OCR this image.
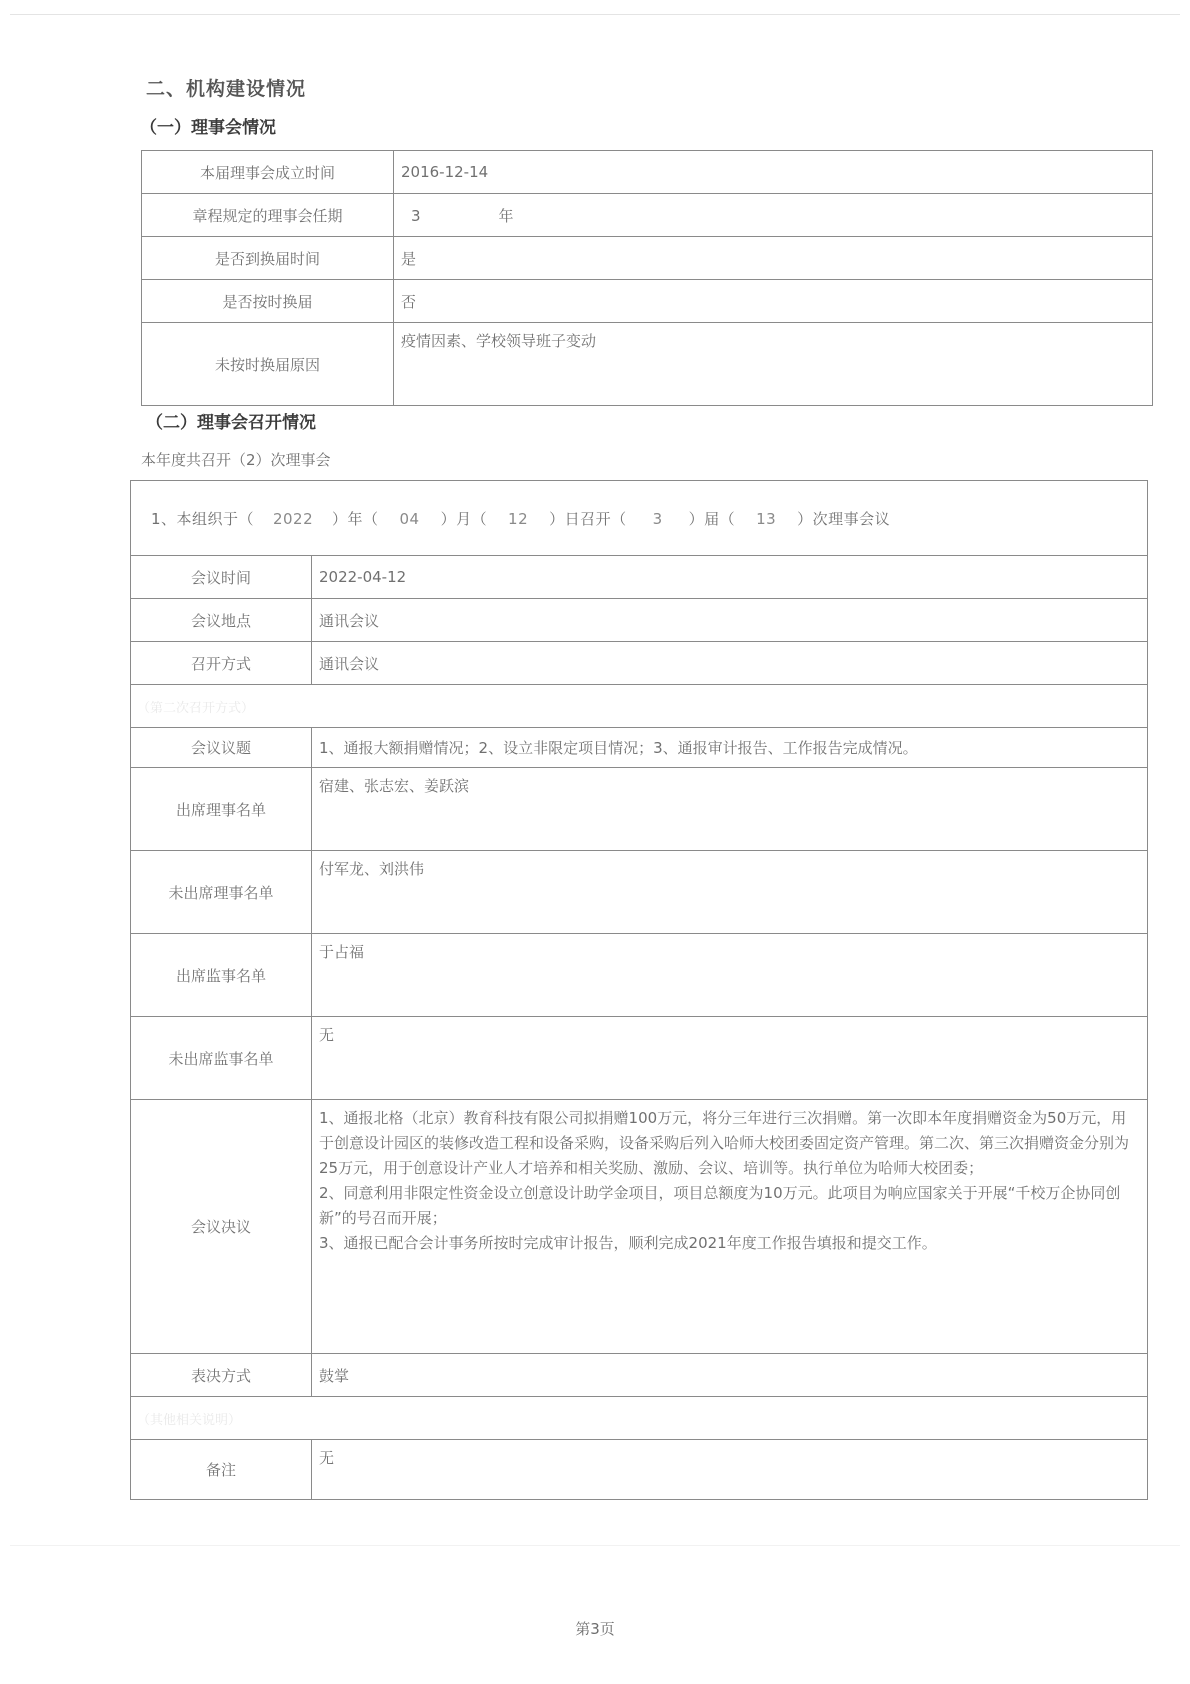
二、机构建设情况
（一）理事会情况
本届理事会成立时间	2016-12-14
章程规定的理事会任期	3 年
是否到换届时间	是
是否按时换届	否
未按时换届原因	疫情因素、学校领导班子变动
（二）理事会召开情况
本年度共召开（2）次理事会
1、本组织于（ 2022 ）年（ 04 ）月（ 12 ）日召开（ 3 ）届（ 13 ）次理事会议	
会议时间	2022-04-12
会议地点	通讯会议
召开方式	通讯会议
（第二次召开方式）	
会议议题	1、通报大额捐赠情况；2、设立非限定项目情况；3、通报审计报告、工作报告完成情况。
出席理事名单	宿建、张志宏、姜跃滨
未出席理事名单	付军龙、刘洪伟
出席监事名单	于占福
未出席监事名单	无
会议决议	1、通报北格（北京）教育科技有限公司拟捐赠100万元，将分三年进行三次捐赠。第一次即本年度捐赠资金为50万元，用于创意设计园区的装修改造工程和设备采购，设备采购后列入哈师大校团委固定资产管理。第二次、第三次捐赠资金分别为25万元，用于创意设计产业人才培养和相关奖励、激励、会议、培训等。执行单位为哈师大校团委；

2、同意利用非限定性资金设立创意设计助学金项目，项目总额度为10万元。此项目为响应国家关于开展“千校万企协同创新”的号召而开展；

3、通报已配合会计事务所按时完成审计报告，顺利完成2021年度工作报告填报和提交工作。

表决方式	鼓掌
（其他相关说明）	
备注	无
第3页
